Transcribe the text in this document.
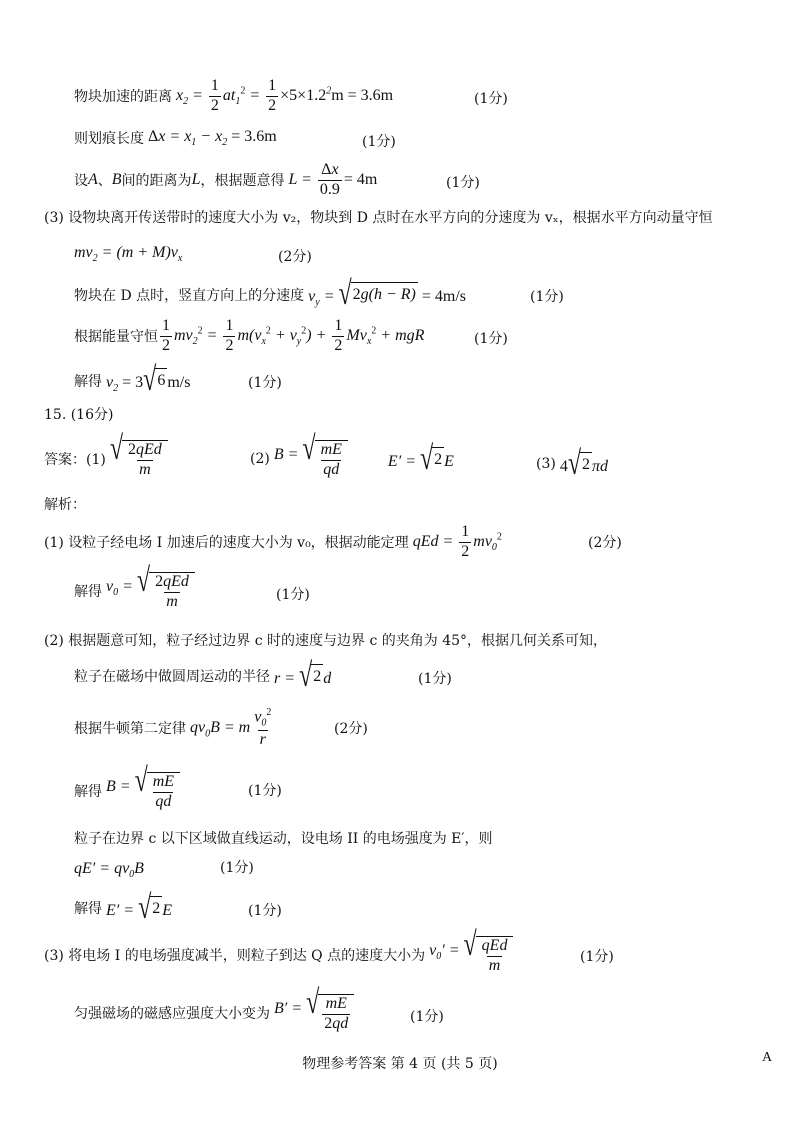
物块加速的距离 $x_2 = \frac{1}{2} at_1^2 = \frac{1}{2} \times 5\times 1.2^2m = 3.6m$	(1分)
则划痕长度 $\Delta x = x_1 - x_2 = 3.6m$	(1分)
设 A 、 B 间的距离为 L ，根据题意得 $L = \frac{\Delta x}{0.9} = 4m$	(1分)
(3) 设物块离开传送带时的速度大小为 v₂，物块到 D 点时在水平方向的分速度为 vₓ，根据水平方向动量守恒
$mv_2 = (m + M)v_x$	(2分)
物块在 D 点时，竖直方向上的分速度 $v_y$ = √ 2 g(h − R) = 4m/s	(1分)
根据能量守恒 $\frac{1}{2} mv_2^2 = \frac{1}{2} m(v_x^2 + v_y^2) + \frac{1}{2} Mv_x^2$ + mgR	(1分)
解得 $v_2 = 3$ √ 6 m/s	(1分)
15. (16分)
答案：(1)
√ $\frac{\text{2qEd}}{m}$	(2) B = √ $\frac{mE}{qd}$	E′ = √ 2 E	(3) 4 √ 2 πd
解析：
(1) 设粒子经电场 I 加速后的速度大小为 v₀，根据动能定理 qEd = $\frac{1}{2} mv_0^2$	(2分)
解得 $v_0$ = √ $\frac{\text{2qEd}}{m}$	(1分)
(2) 根据题意可知，粒子经过边界 c 时的速度与边界 c 的夹角为 45°，根据几何关系可知，
粒子在磁场中做圆周运动的半径 r = √ 2 d	(1分)
根据牛顿第二定律 $qv_0B = m \frac{v_0^2}{r}$	(2分)
解得 B = √ $\frac{mE}{qd}$	(1分)
粒子在边界 c 以下区域做直线运动，设电场 II 的电场强度为 E′，则
$qE' = qv_0B$	(1分)
解得 E′ = √ 2 E	(1分)
(3) 将电场 I 的电场强度减半，则粒子到达 Q 点的速度大小为 $v_0'$ = √ $\frac{\text{qEd}}{m}$	(1分)
匀强磁场的磁感应强度大小变为 B′ = √ $\frac{mE}{2qd}$	(1分)
物理参考答案 第 4 页 (共 5 页)	A
